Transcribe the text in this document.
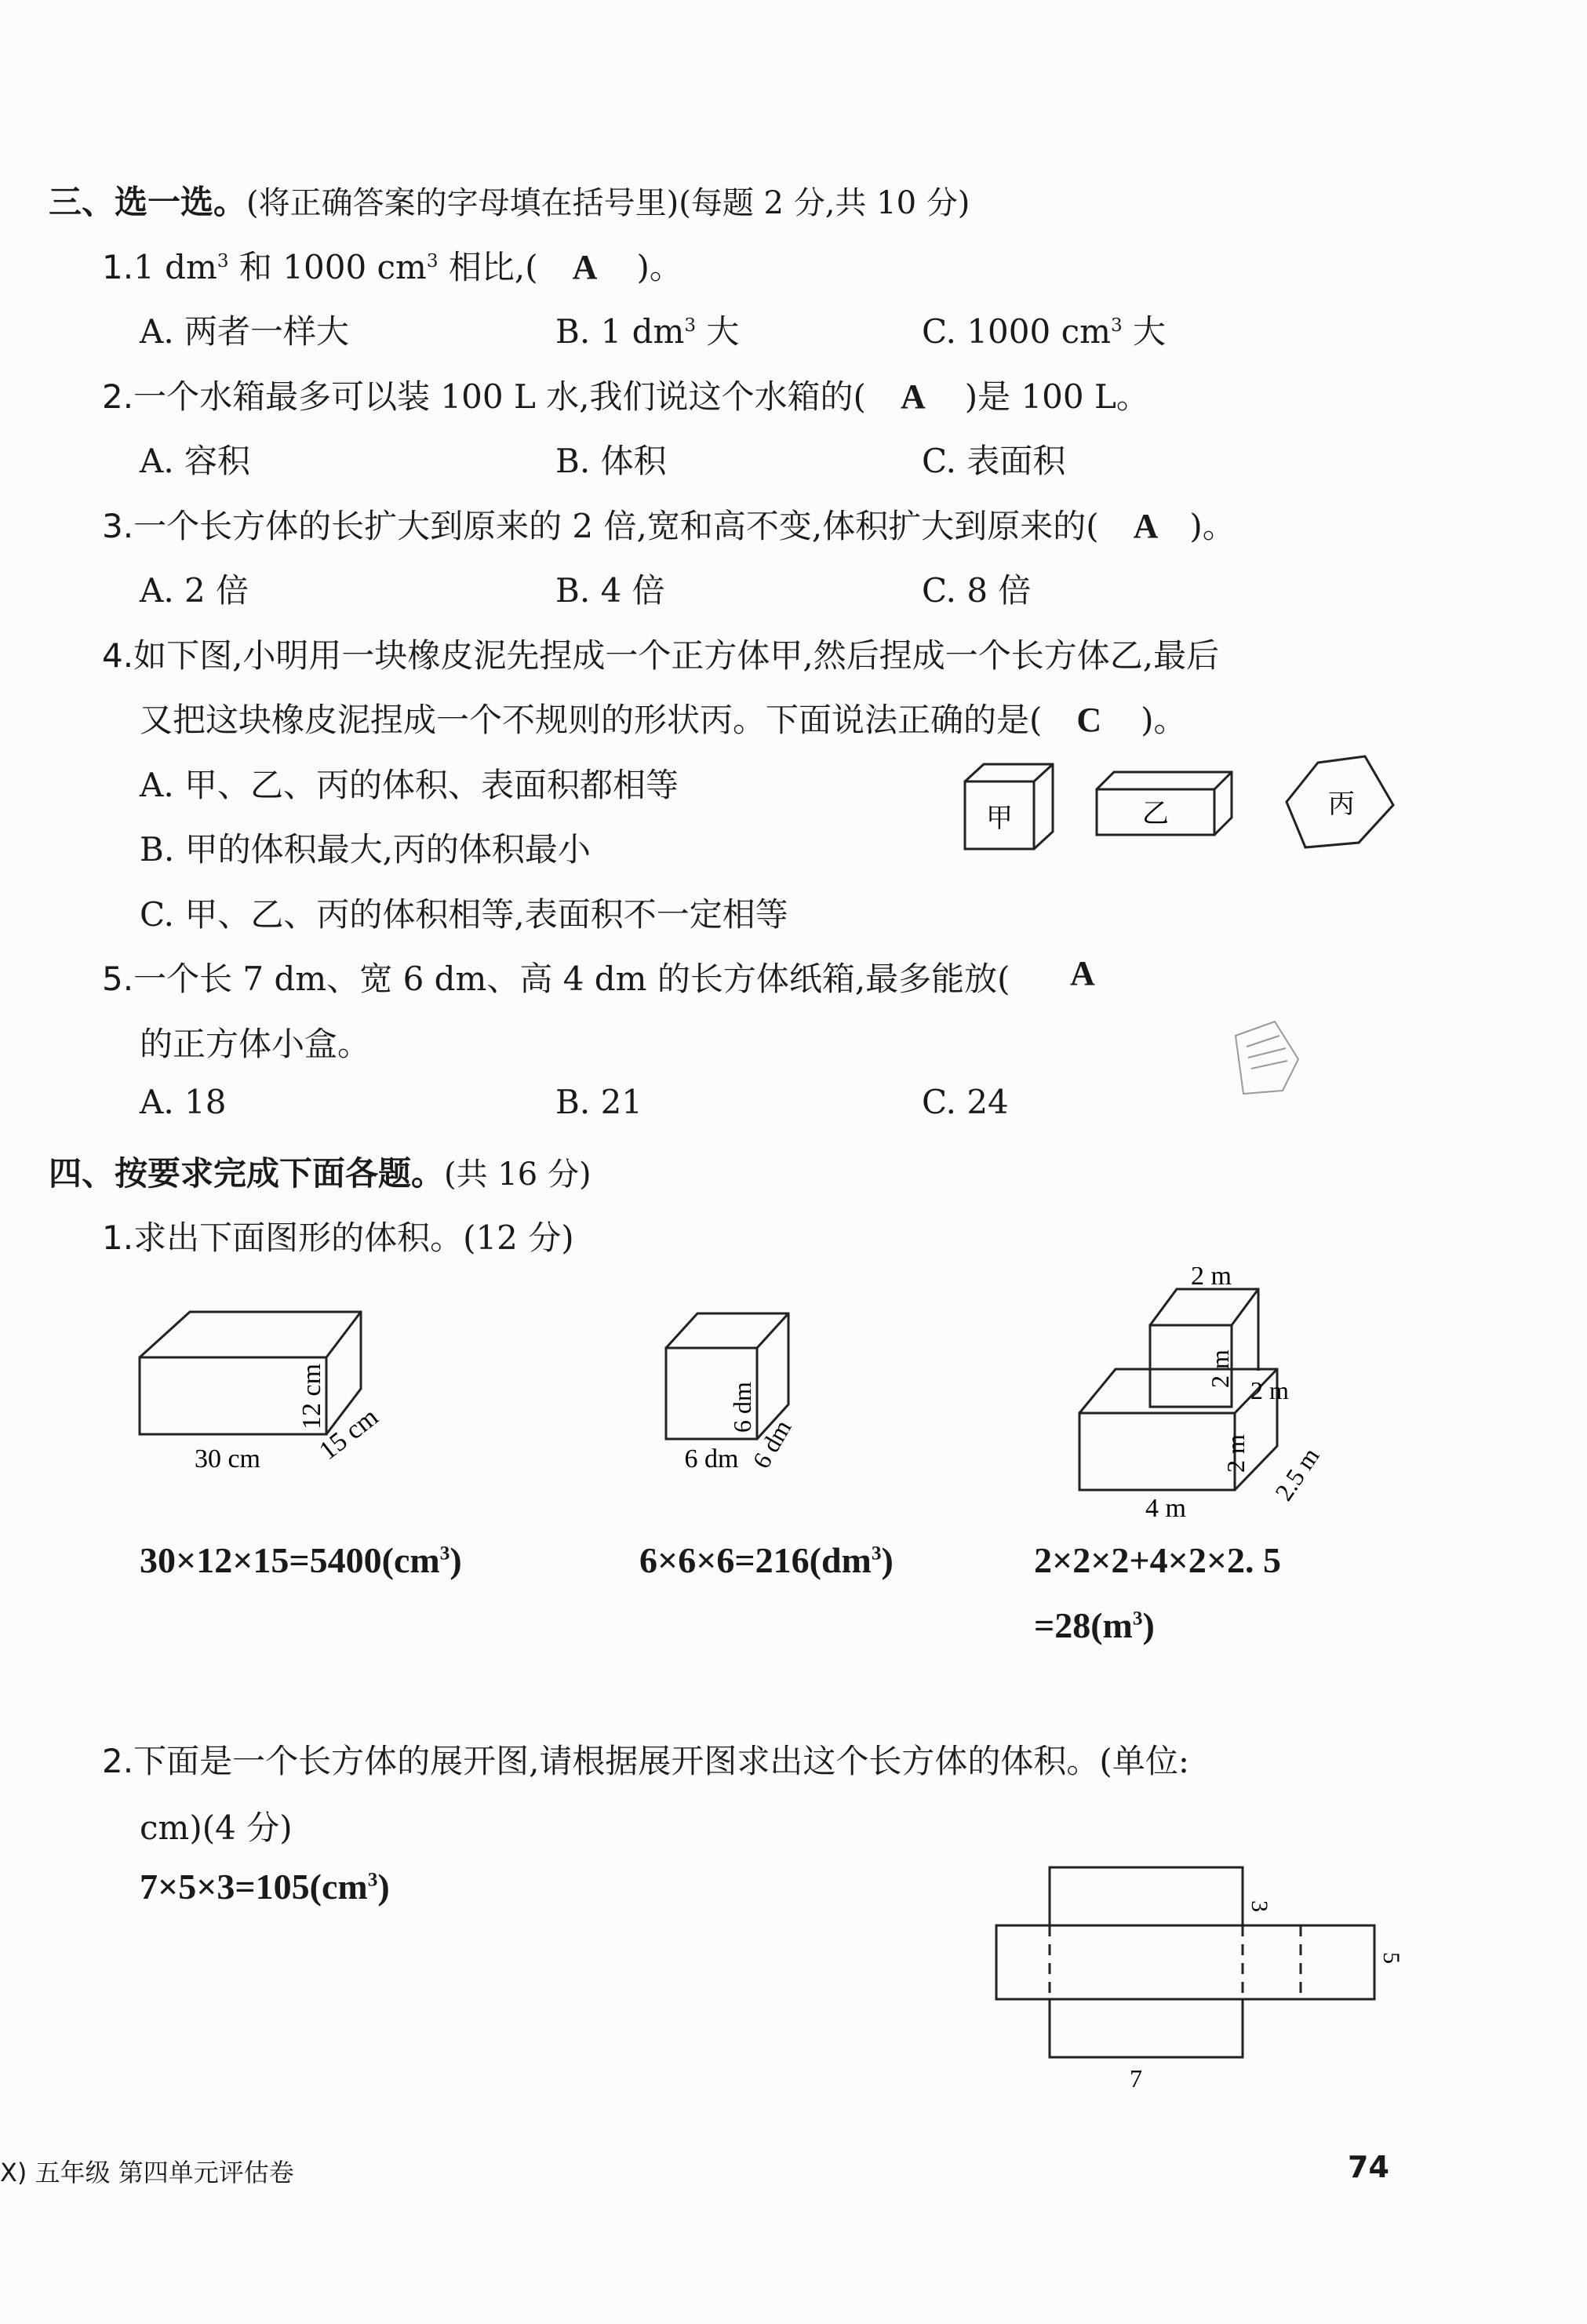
三、选一选。(将正确答案的字母填在括号里)(每题 2 分,共 10 分)
1.1 $dm^3$ 和 1000 $cm^3$ 相比,( A )。
A. 两者一样大	B. 1 $dm^3$ 大	C. 1000 $cm^3$ 大
2.一个水箱最多可以装 100 L 水,我们说这个水箱的( A )是 100 L。
A. 容积	B. 体积	C. 表面积
3.一个长方体的长扩大到原来的 2 倍,宽和高不变,体积扩大到原来的( A )。
A. 2 倍	B. 4 倍	C. 8 倍
4.如下图,小明用一块橡皮泥先捏成一个正方体甲,然后捏成一个长方体乙,最后
又把这块橡皮泥捏成一个不规则的形状丙。下面说法正确的是( C )。
A. 甲、乙、丙的体积、表面积都相等
B. 甲的体积最大,丙的体积最小
C. 甲、乙、丙的体积相等,表面积不一定相等
甲	乙	丙
5.一个长 7 dm、宽 6 dm、高 4 dm 的长方体纸箱,最多能放( A
的正方体小盒。
A. 18	B. 21	C. 24
四、按要求完成下面各题。(共 16 分)
1.求出下面图形的体积。(12 分)
30 cm
12 cm
15 cm	6 dm
6 dm
6 dm
2 m
2 m
2 m
2 m
4 m
2.5 m
$30\times 12\times 15=5400(cm^3)$	$6\times 6\times 6=216(dm^3)$	2×2×2+4×2×2. 5
$=28(m^3)$
2.下面是一个长方体的展开图,请根据展开图求出这个长方体的体积。(单位:
cm)(4 分)
$7\times 5\times 3=105(cm^3)$	3
5
7
X) 五年级 第四单元评估卷	74
